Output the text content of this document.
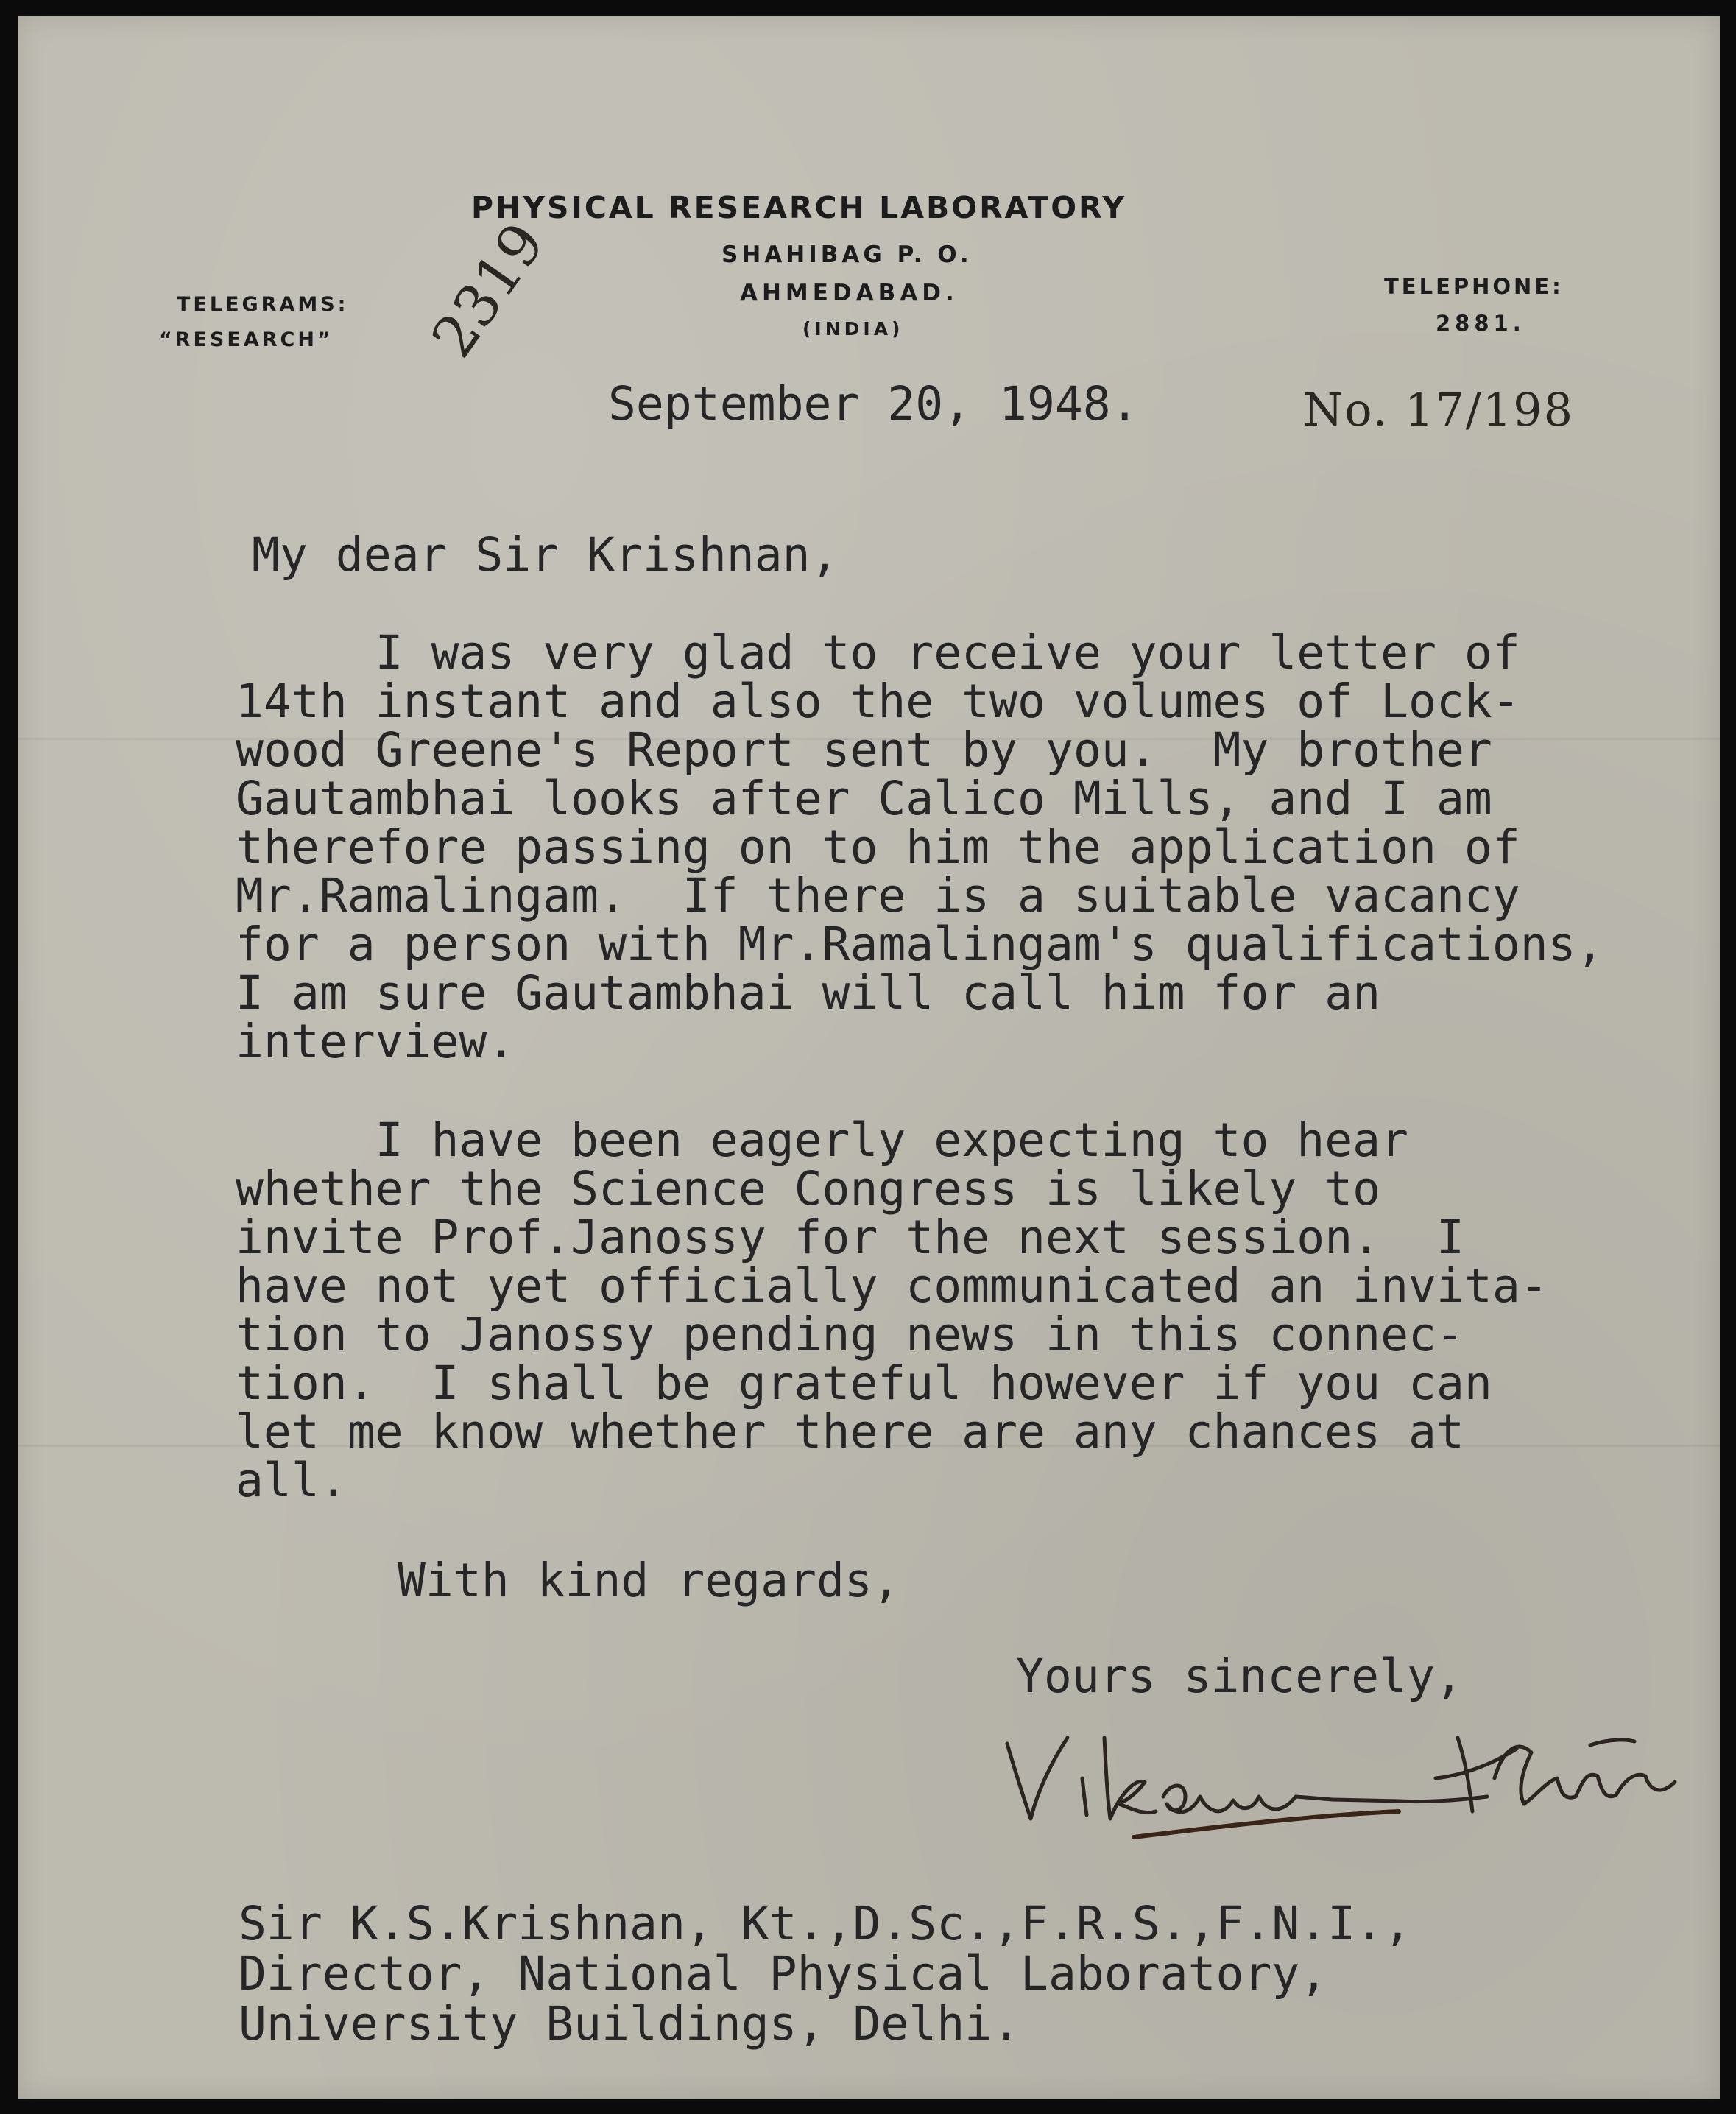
PHYSICAL RESEARCH LABORATORY
SHAHIBAG P. O.
AHMEDABAD.
(INDIA)
TELEGRAMS:
“RESEARCH”
TELEPHONE:
2881.
2319
No. 17/198
September 20, 1948.
My dear Sir Krishnan,
I was very glad to receive your letter of
14th instant and also the two volumes of Lock-
wood Greene's Report sent by you.  My brother
Gautambhai looks after Calico Mills, and I am
therefore passing on to him the application of
Mr.Ramalingam.  If there is a suitable vacancy
for a person with Mr.Ramalingam's qualifications,
I am sure Gautambhai will call him for an
interview.
I have been eagerly expecting to hear
whether the Science Congress is likely to
invite Prof.Janossy for the next session.  I
have not yet officially communicated an invita-
tion to Janossy pending news in this connec-
tion.  I shall be grateful however if you can
let me know whether there are any chances at
all.
With kind regards,
Yours sincerely,
Sir K.S.Krishnan, Kt.,D.Sc.,F.R.S.,F.N.I.,
Director, National Physical Laboratory,
University Buildings, Delhi.
